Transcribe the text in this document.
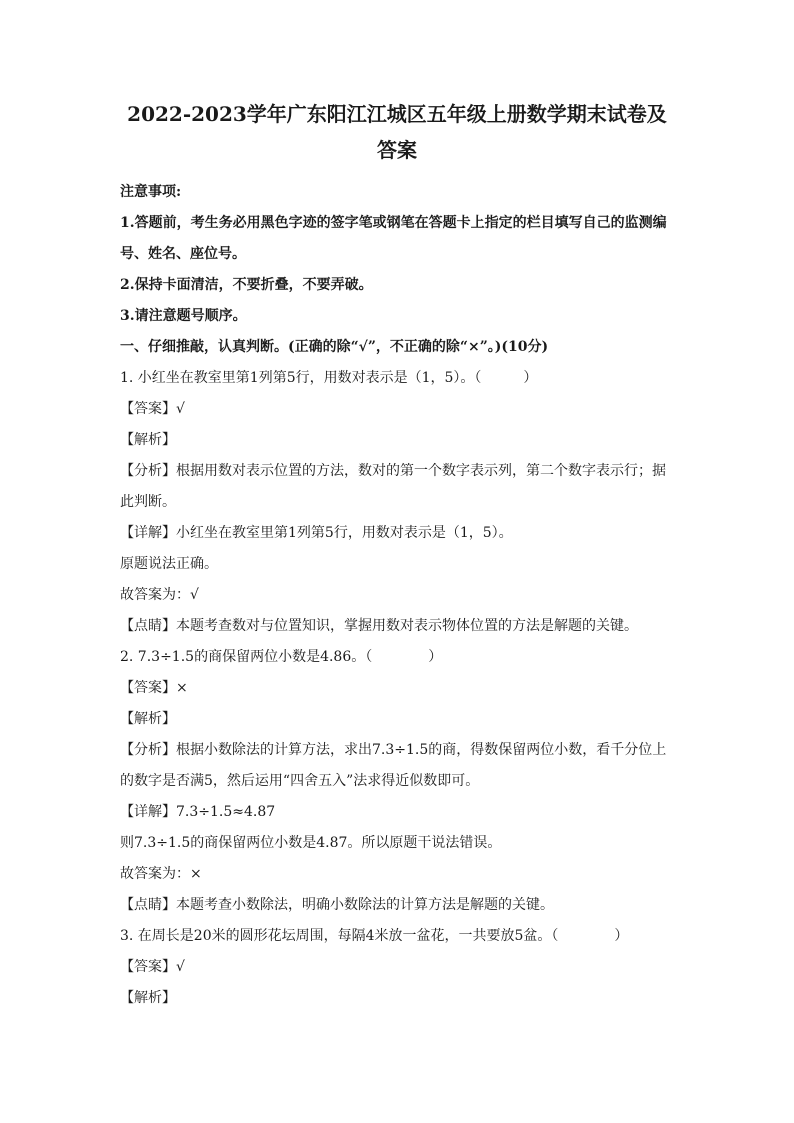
2022-2023学年广东阳江江城区五年级上册数学期末试卷及
答案
注意事项:
1.答题前，考生务必用黑色字迹的签字笔或钢笔在答题卡上指定的栏目填写自己的监测编
号、姓名、座位号。
2.保持卡面清洁，不要折叠，不要弄破。
3.请注意题号顺序。
一、仔细推敲，认真判断。(正确的除“√”，不正确的除“×”。)(10分)
1. 小红坐在教室里第1列第5行，用数对表示是（1，5）。（　　　）
【答案】√
【解析】
【分析】根据用数对表示位置的方法，数对的第一个数字表示列，第二个数字表示行；据
此判断。
【详解】小红坐在教室里第1列第5行，用数对表示是（1，5）。
原题说法正确。
故答案为：√
【点睛】本题考查数对与位置知识，掌握用数对表示物体位置的方法是解题的关键。
2. 7.3÷1.5的商保留两位小数是4.86。（　　　　）
【答案】×
【解析】
【分析】根据小数除法的计算方法，求出7.3÷1.5的商，得数保留两位小数，看千分位上
的数字是否满5，然后运用“四舍五入”法求得近似数即可。
【详解】7.3÷1.5≈4.87
则7.3÷1.5的商保留两位小数是4.87。所以原题干说法错误。
故答案为：×
【点睛】本题考查小数除法，明确小数除法的计算方法是解题的关键。
3. 在周长是20米的圆形花坛周围，每隔4米放一盆花，一共要放5盆。（　　　　）
【答案】√
【解析】
